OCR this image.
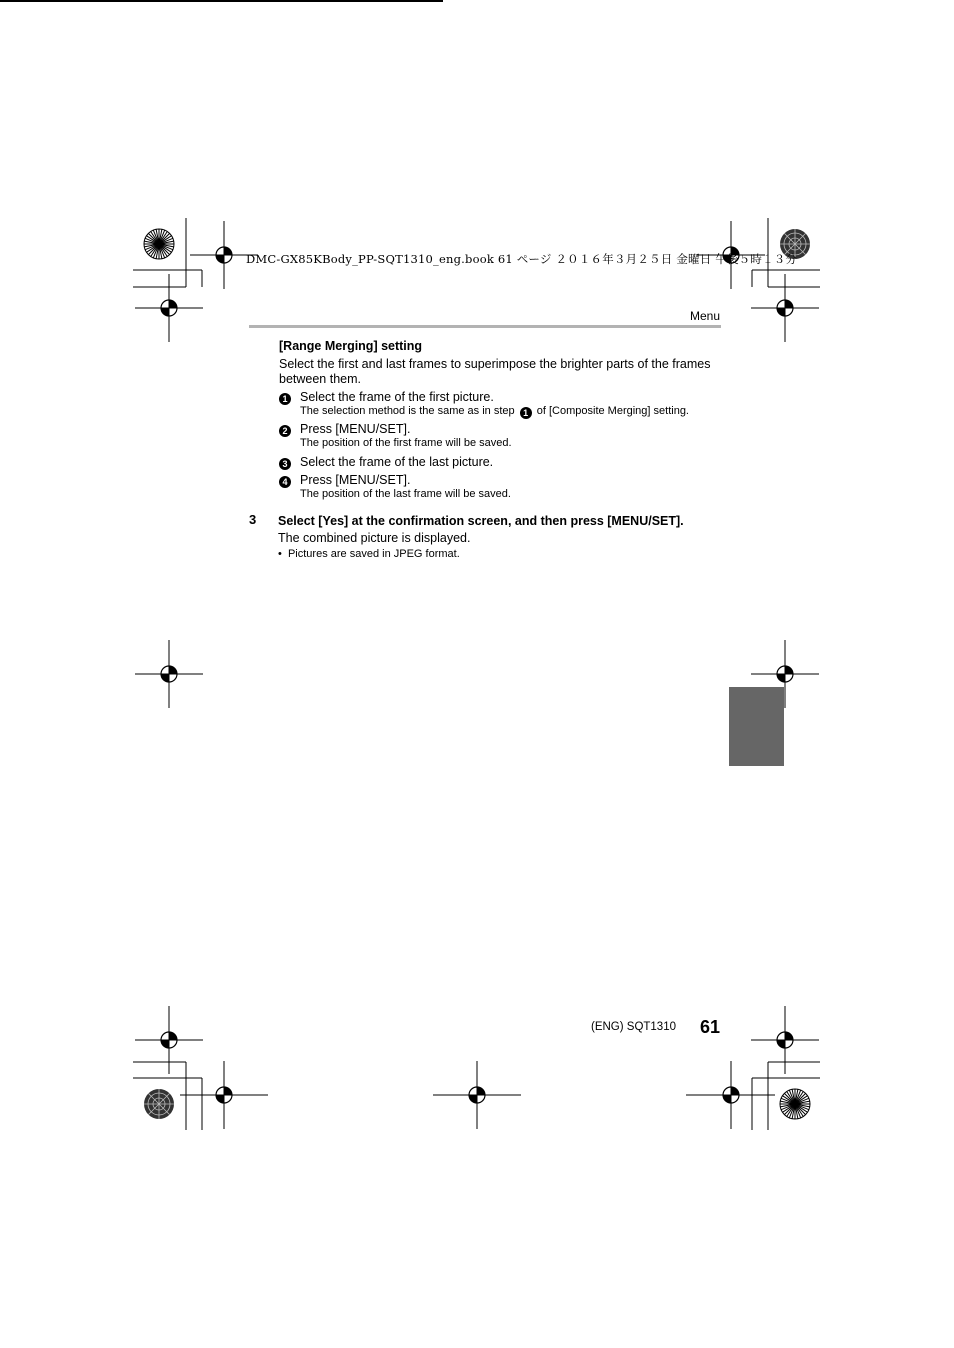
DMC-GX85KBody_PP-SQT1310_eng.book 61 ページ ２０１６年３月２５日 金曜日 午後５時１３分
Menu
[Range Merging] setting
Select the first and last frames to superimpose the brighter parts of the frames between them.
1 Select the frame of the first picture.
The selection method is the same as in step 1 of [Composite Merging] setting.
2 Press [MENU/SET].
The position of the first frame will be saved.
3 Select the frame of the last picture.
4 Press [MENU/SET].
The position of the last frame will be saved.
3 Select [Yes] at the confirmation screen, and then press [MENU/SET].
The combined picture is displayed.
•  Pictures are saved in JPEG format.
(ENG) SQT1310 61
